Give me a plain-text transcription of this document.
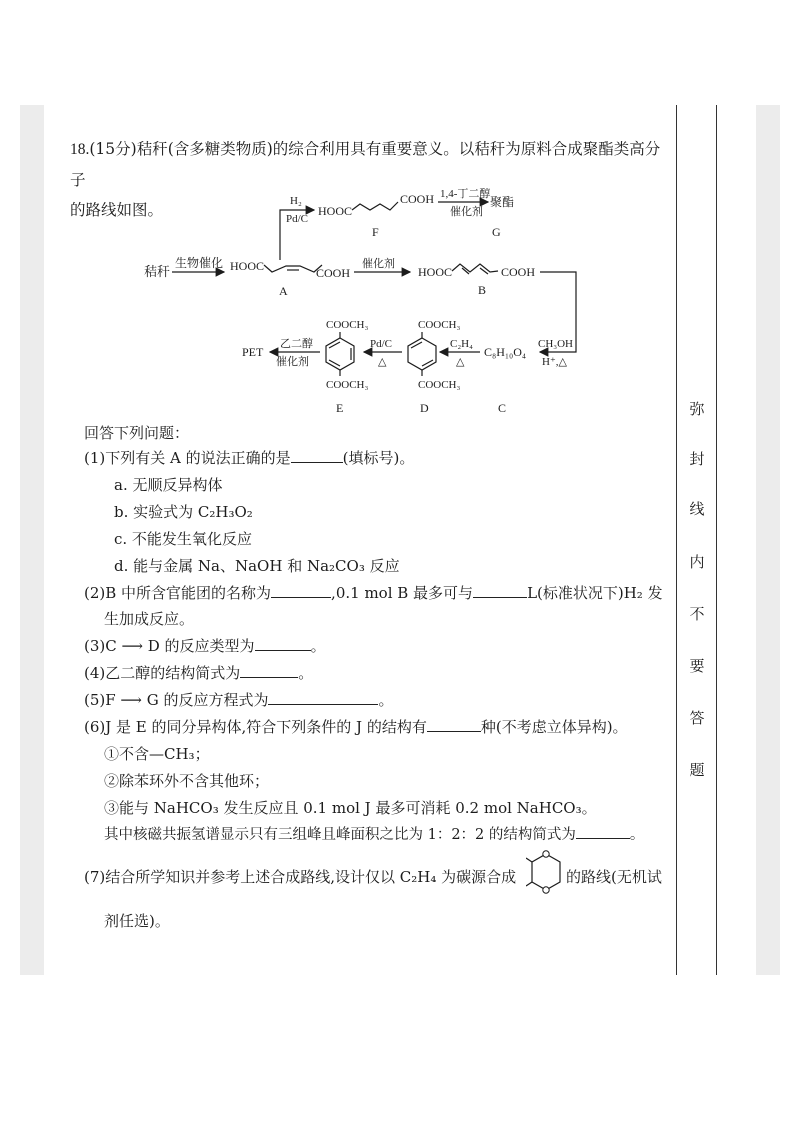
弥
封
线
内
不
要
答
题
18.(15分)秸秆(含多糖类物质)的综合利用具有重要意义。以秸秆为原料合成聚酯类高分子
的路线如图。
秸秆
生物催化 HOOC	COOH
A
H₂
Pd/C
HOOC
COOH
F
1,4-丁二醇
催化剂
聚酯
G
催化剂
HOOC	COOH
B
CH₃OH
H⁺,△
C₈H₁₀O₄
C
C₂H₄
△
COOCH₃
COOCH₃
D
Pd/C
△
COOCH₃
COOCH₃
E
乙二醇
催化剂
PET
回答下列问题：
(1)下列有关 A 的说法正确的是	(填标号)。
a. 无顺反异构体
b. 实验式为 C₂H₃O₂
c. 不能发生氧化反应
d. 能与金属 Na、NaOH 和 Na₂CO₃ 反应
(2)B 中所含官能团的名称为	,0.1 mol B 最多可与	L(标准状况下)H₂ 发
生加成反应。
(3)C ⟶ D 的反应类型为	。
(4)乙二醇的结构简式为	。
(5)F ⟶ G 的反应方程式为	。
(6)J 是 E 的同分异构体,符合下列条件的 J 的结构有	种(不考虑立体异构)。
①不含—CH₃；
②除苯环外不含其他环；
③能与 NaHCO₃ 发生反应且 0.1 mol J 最多可消耗 0.2 mol NaHCO₃。
其中核磁共振氢谱显示只有三组峰且峰面积之比为 1：2：2 的结构简式为	。
(7)结合所学知识并参考上述合成路线,设计仅以 C₂H₄ 为碳源合成	的路线(无机试
剂任选)。
